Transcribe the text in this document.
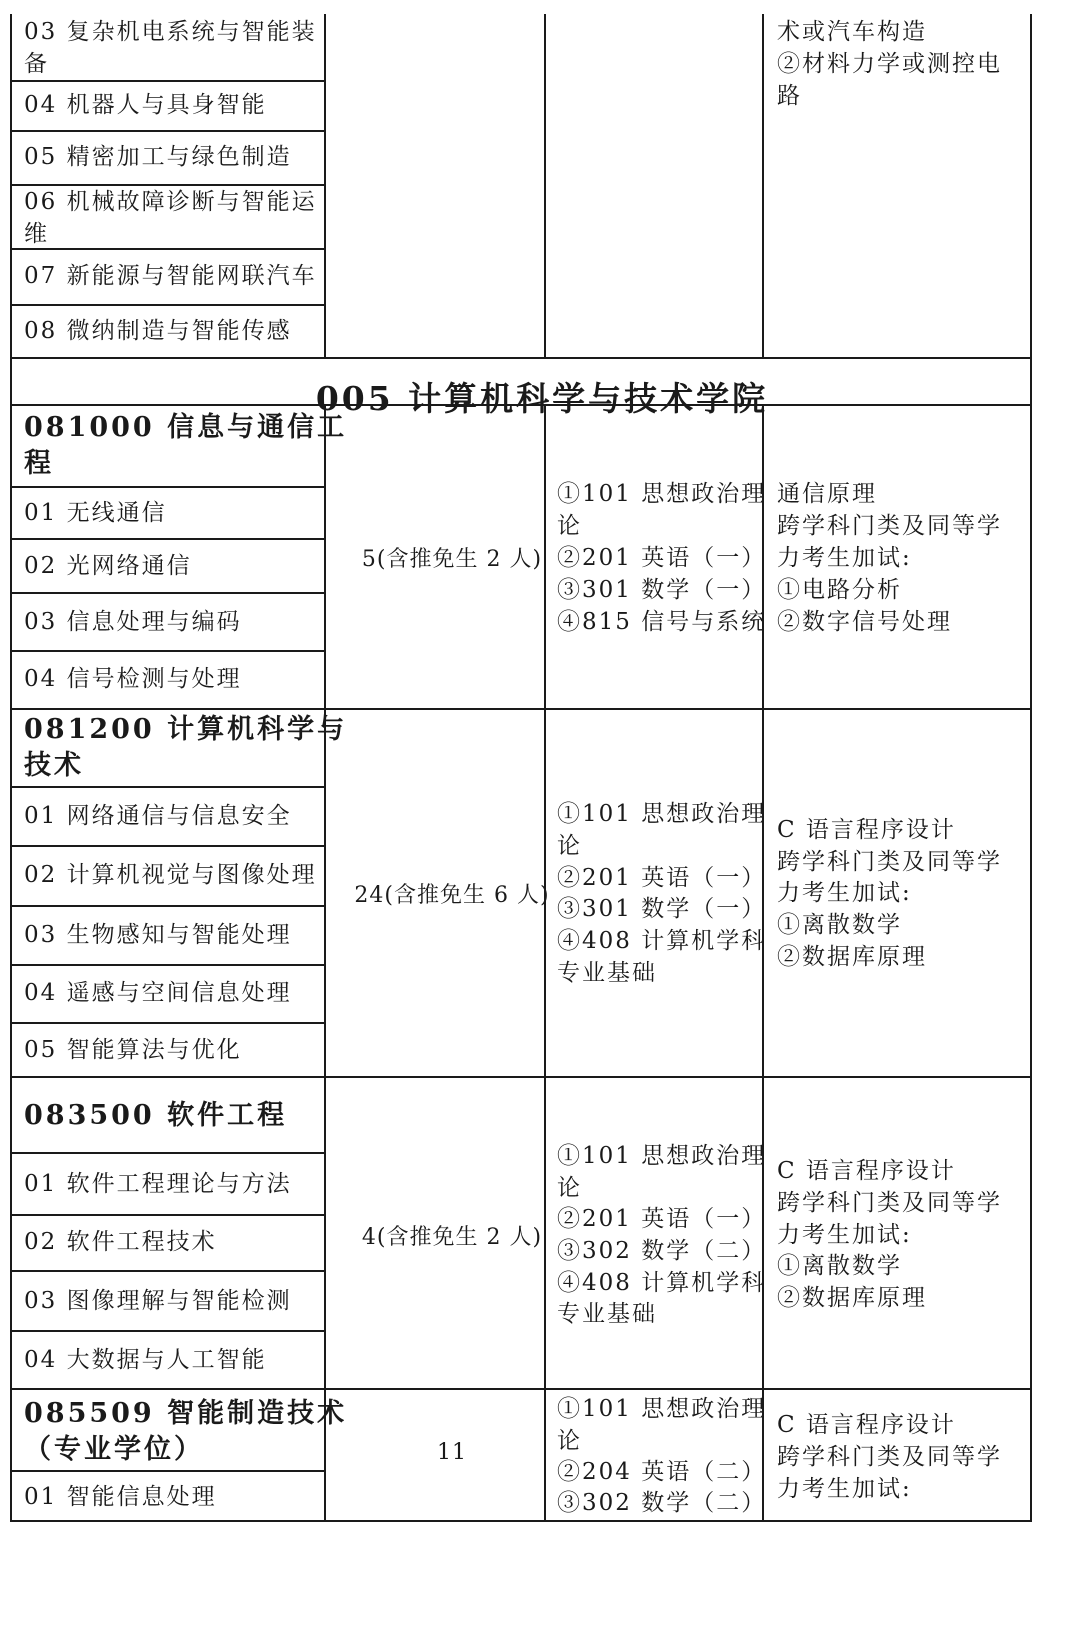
03 复杂机电系统与智能装
备
04 机器人与具身智能
05 精密加工与绿色制造
06 机械故障诊断与智能运
维
07 新能源与智能网联汽车
08 微纳制造与智能传感
术或汽车构造
②材料力学或测控电
路
005 计算机科学与技术学院
081000 信息与通信工
程
01 无线通信
02 光网络通信
03 信息处理与编码
04 信号检测与处理
5(含推免生 2 人)
①101 思想政治理
论
②201 英语（一）
③301 数学（一）
④815 信号与系统
通信原理
跨学科门类及同等学
力考生加试:
①电路分析
②数字信号处理
081200 计算机科学与
技术
01 网络通信与信息安全
02 计算机视觉与图像处理
03 生物感知与智能处理
04 遥感与空间信息处理
05 智能算法与优化
24(含推免生 6 人)
①101 思想政治理
论
②201 英语（一）
③301 数学（一）
④408 计算机学科
专业基础
C 语言程序设计
跨学科门类及同等学
力考生加试:
①离散数学
②数据库原理
083500 软件工程
01 软件工程理论与方法
02 软件工程技术
03 图像理解与智能检测
04 大数据与人工智能
4(含推免生 2 人)
①101 思想政治理
论
②201 英语（一）
③302 数学（二）
④408 计算机学科
专业基础
C 语言程序设计
跨学科门类及同等学
力考生加试:
①离散数学
②数据库原理
085509 智能制造技术
（专业学位）
01 智能信息处理
11
①101 思想政治理
论
②204 英语（二）
③302 数学（二）
C 语言程序设计
跨学科门类及同等学
力考生加试:
